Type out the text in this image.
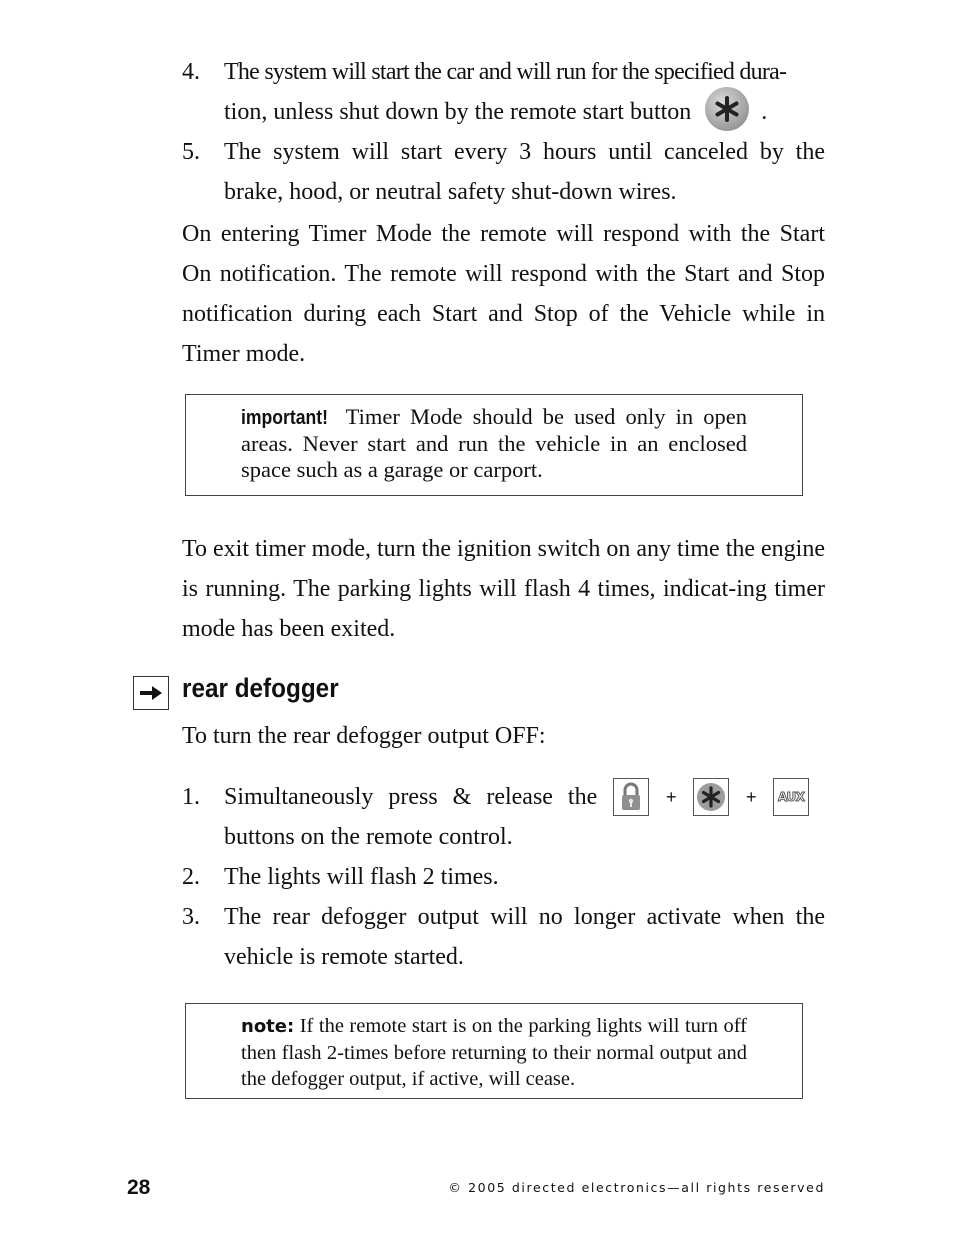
4. The system will start the car and will run for the specified dura-
tion, unless shut down by the remote start button	.
5. The system will start every 3 hours until canceled by the brake, hood, or neutral safety shut-down wires.

On entering Timer Mode the remote will respond with the Start On notification. The remote will respond with the Start and Stop notification during each Start and Stop of the Vehicle while in Timer mode.

important! Timer Mode should be used only in open areas. Never start and run the vehicle in an enclosed space such as a garage or carport.

To exit timer mode, turn the ignition switch on any time the engine is running. The parking lights will flash 4 times, indicat-ing timer mode has been exited.

rear defogger

To turn the rear defogger output OFF:

1. Simultaneously press & release the	+	+	AUX
buttons on the remote control.
2. The lights will flash 2 times.
3. The rear defogger output will no longer activate when the vehicle is remote started.
note: If the remote start is on the parking lights will turn off then flash 2-times before returning to their normal output and the defogger output, if active, will cease.
28	© 2005 directed electronics—all rights reserved
